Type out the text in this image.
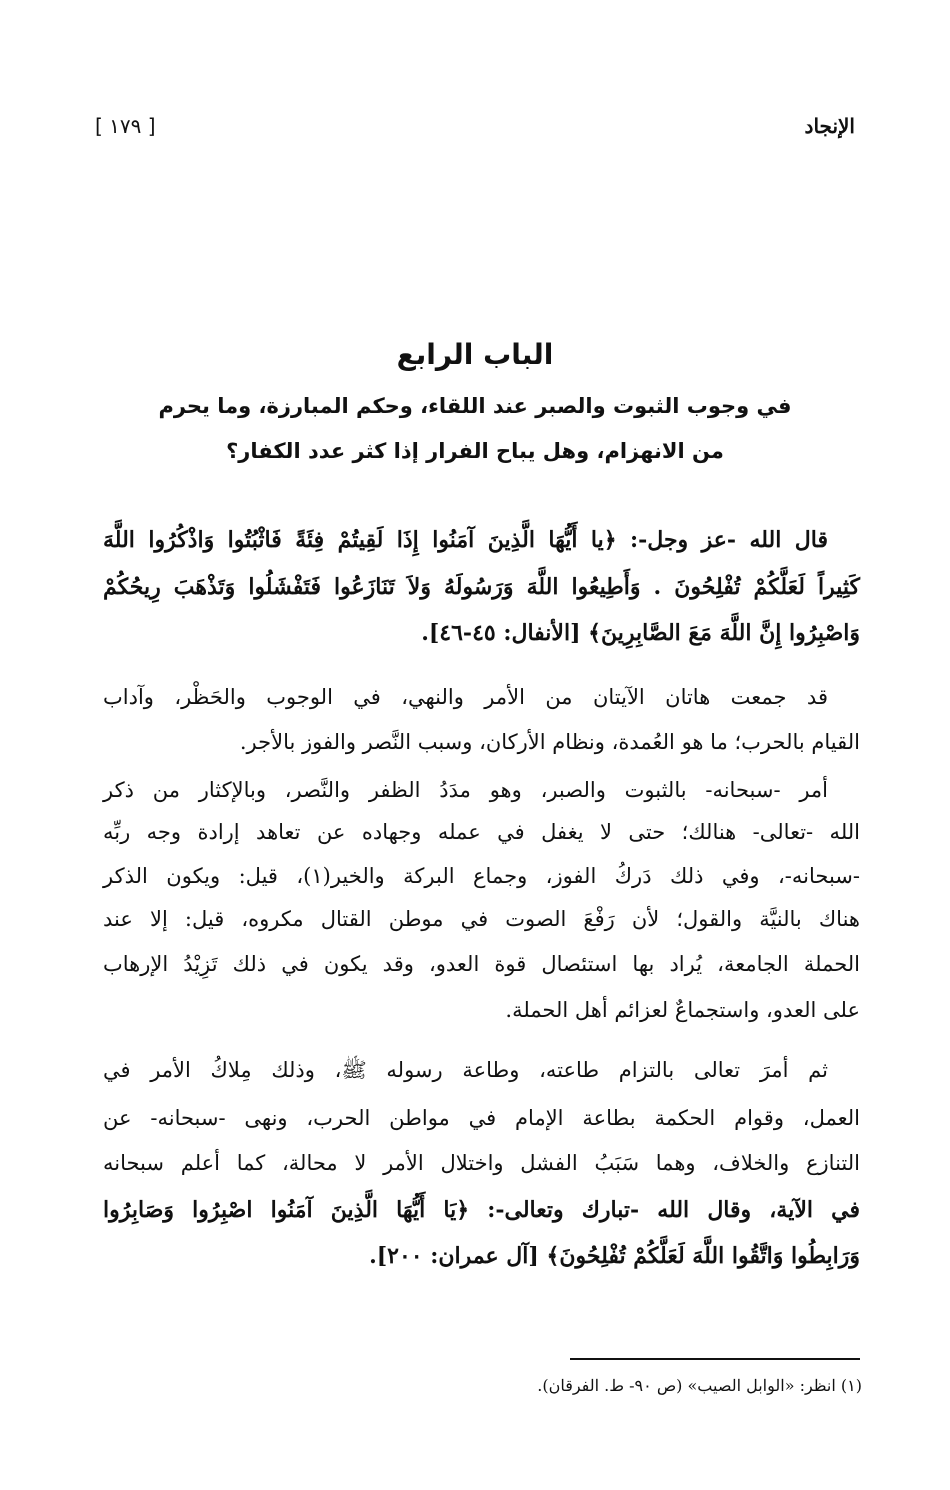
الإنجاد
[ ١٧٩ ]
الباب الرابع
في وجوب الثبوت والصبر عند اللقاء، وحكم المبارزة، وما يحرم
من الانهزام، وهل يباح الفرار إذا كثر عدد الكفار؟
قال الله -عز وجل-: ﴿يا أَيُّهَا الَّذِينَ آمَنُوا إِذَا لَقِيتُمْ فِئَةً فَاثْبُتُوا وَاذْكُرُوا اللَّهَ
كَثِيراً لَعَلَّكُمْ تُفْلِحُونَ . وَأَطِيعُوا اللَّهَ وَرَسُولَهُ وَلاَ تَنَازَعُوا فَتَفْشَلُوا وَتَذْهَبَ رِيحُكُمْ
وَاصْبِرُوا إِنَّ اللَّهَ مَعَ الصَّابِرِينَ﴾ [الأنفال: ٤٥-٤٦].
قد جمعت هاتان الآيتان من الأمر والنهي، في الوجوب والحَظْر، وآداب
القيام بالحرب؛ ما هو العُمدة، ونظام الأركان، وسبب النَّصر والفوز بالأجر.
أمر -سبحانه- بالثبوت والصبر، وهو مدَدُ الظفر والنَّصر، وبالإكثار من ذكر
الله -تعالى- هنالك؛ حتى لا يغفل في عمله وجهاده عن تعاهد إرادة وجه ربِّه
-سبحانه-، وفي ذلك دَركُ الفوز، وجماع البركة والخير(١)، قيل: ويكون الذكر
هناك بالنيَّة والقول؛ لأن رَفْعَ الصوت في موطن القتال مكروه، قيل: إلا عند
الحملة الجامعة، يُراد بها استئصال قوة العدو، وقد يكون في ذلك تَزِيْدُ الإرهاب
على العدو، واستجماعٌ لعزائم أهل الحملة.
ثم أمرَ تعالى بالتزام طاعته، وطاعة رسوله ﷺ، وذلك مِلاكُ الأمر في
العمل، وقوام الحكمة بطاعة الإمام في مواطن الحرب، ونهى -سبحانه- عن
التنازع والخلاف، وهما سَبَبُ الفشل واختلال الأمر لا محالة، كما أعلم سبحانه
في الآية، وقال الله -تبارك وتعالى-: ﴿يَا أَيُّهَا الَّذِينَ آمَنُوا اصْبِرُوا وَصَابِرُوا
وَرَابِطُوا وَاتَّقُوا اللَّهَ لَعَلَّكُمْ تُفْلِحُونَ﴾ [آل عمران: ٢٠٠].
(١) انظر: «الوابل الصيب» (ص ٩٠- ط. الفرقان).
